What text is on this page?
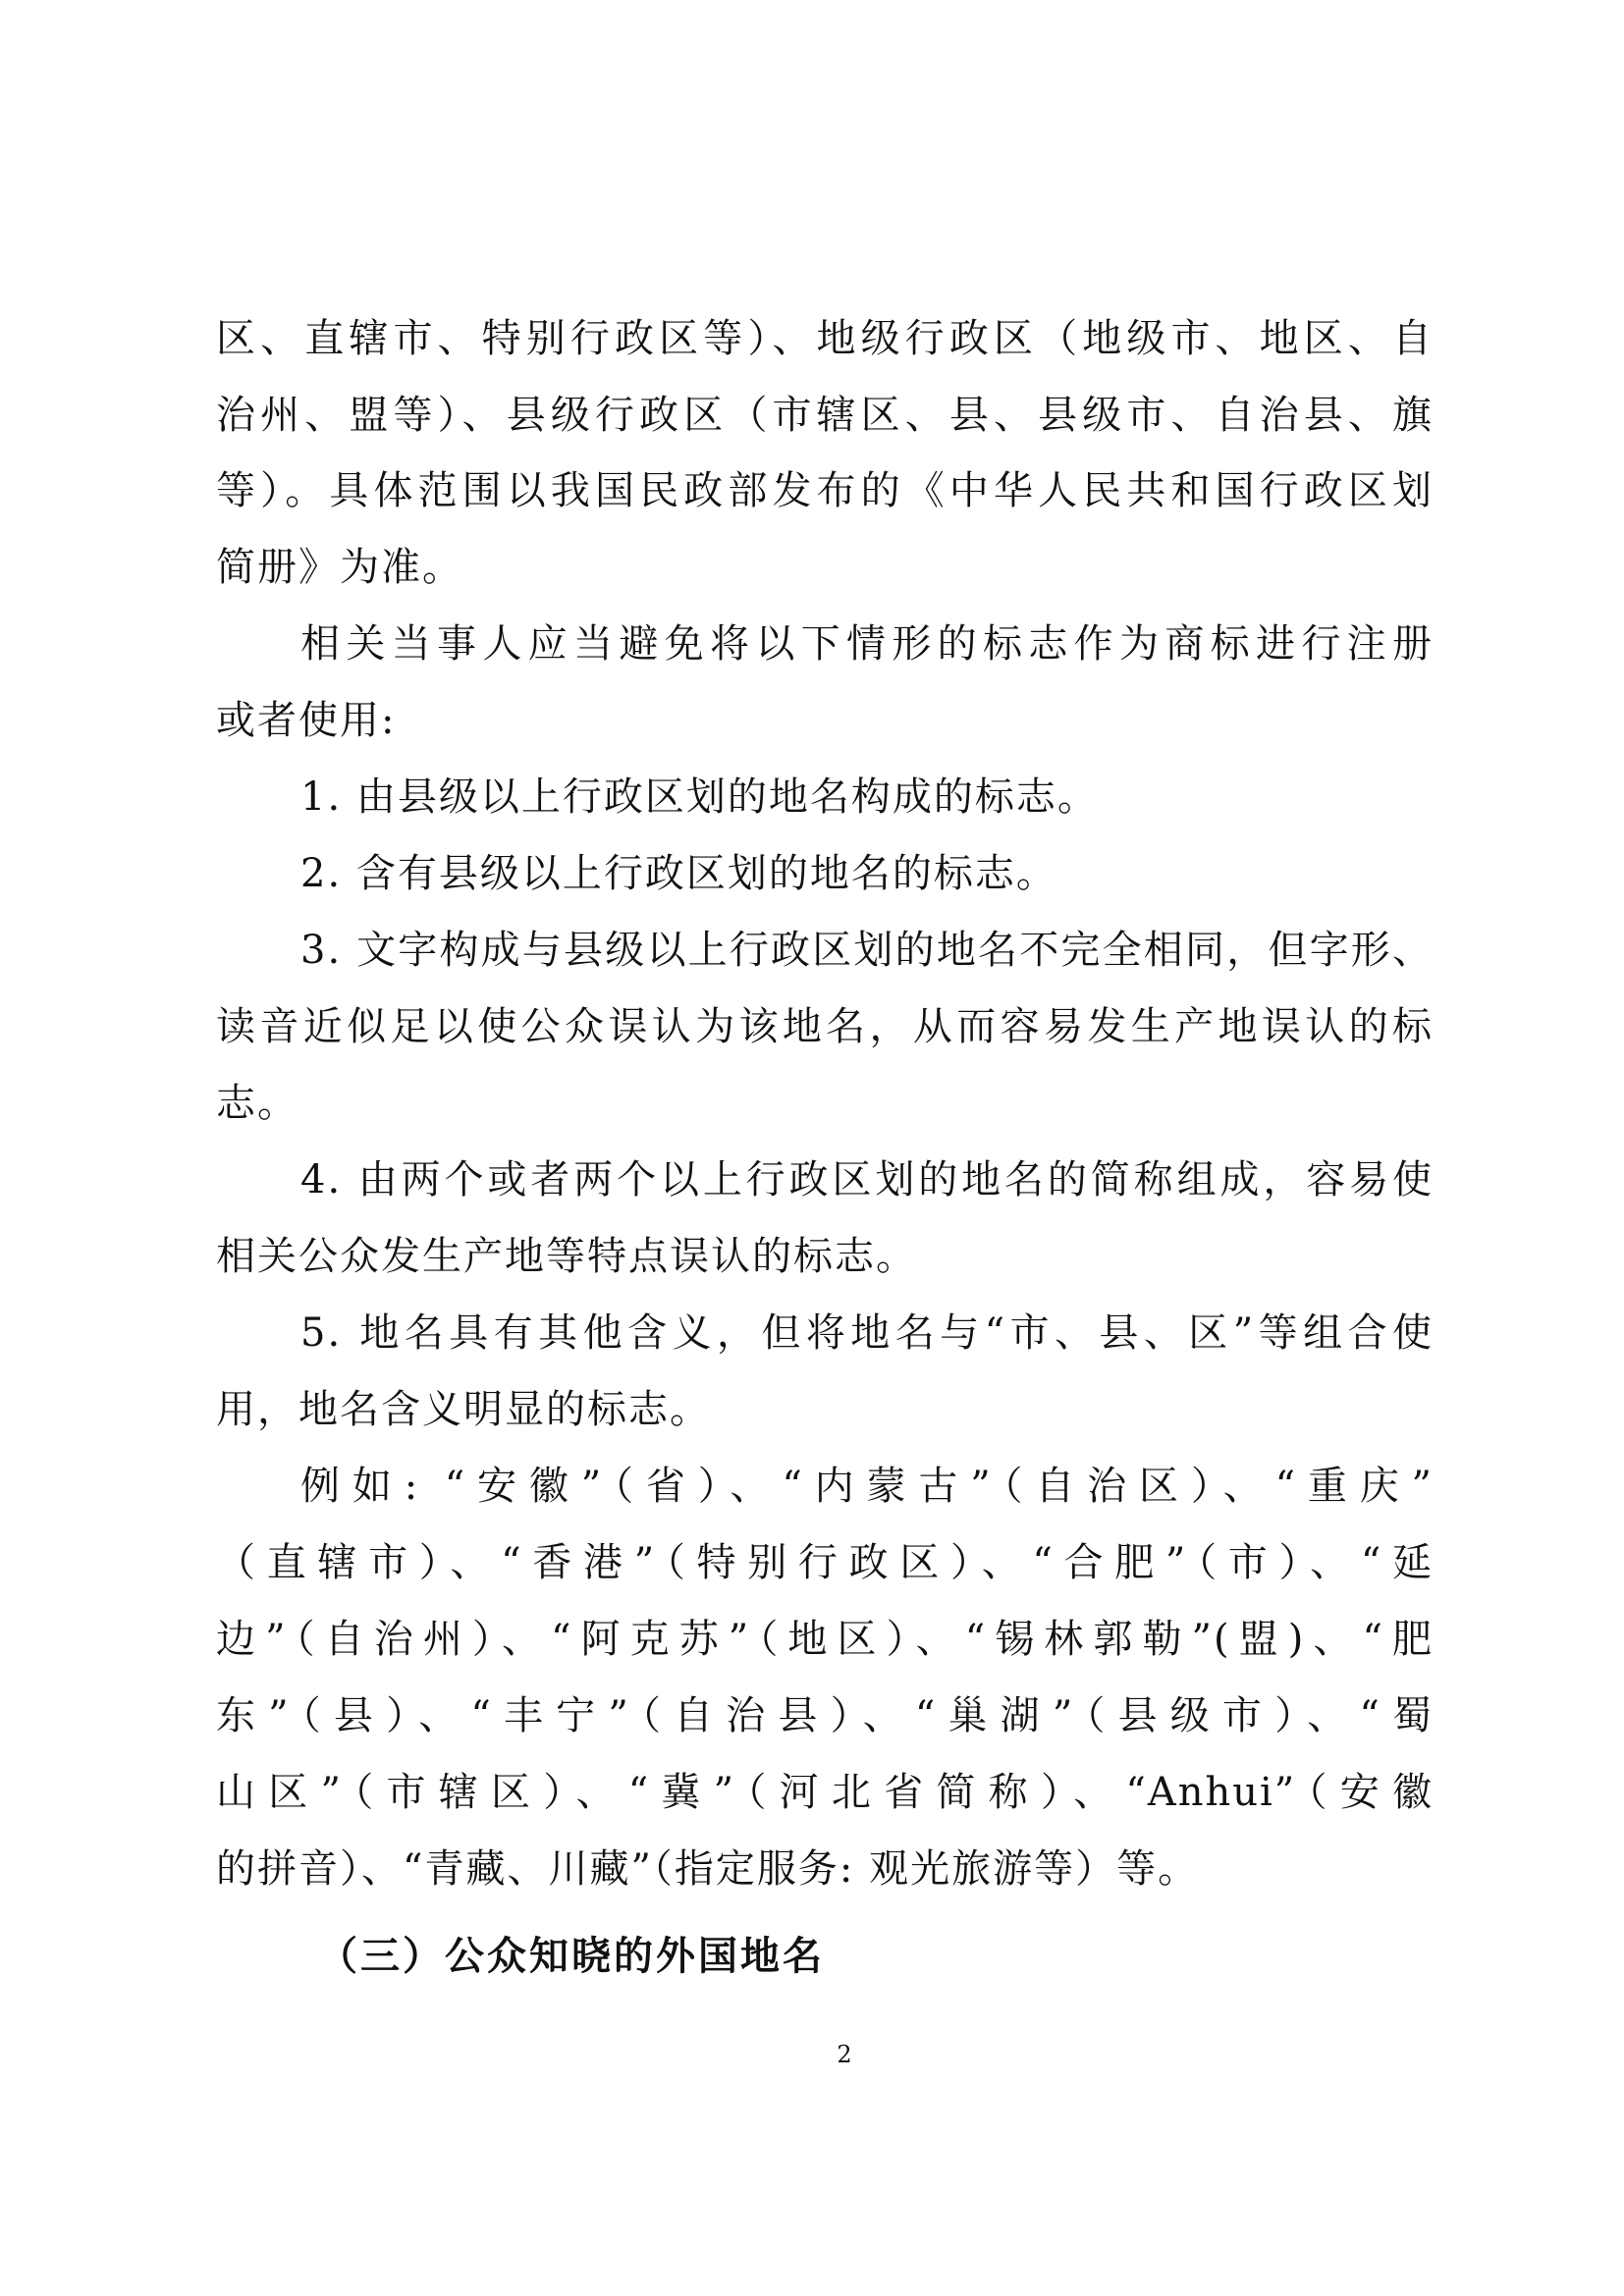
区、直辖市、特别行政区等）、地级行政区（地级市、地区、自
治州、盟等）、县级行政区（市辖区、县、县级市、自治县、旗
等）。具体范围以我国民政部发布的《中华人民共和国行政区划
简册》为准。
相关当事人应当避免将以下情形的标志作为商标进行注册
或者使用:
1. 由县级以上行政区划的地名构成的标志。
2. 含有县级以上行政区划的地名的标志。
3. 文字构成与县级以上行政区划的地名不完全相同，但字形、
读音近似足以使公众误认为该地名，从而容易发生产地误认的标
志。
4. 由两个或者两个以上行政区划的地名的简称组成，容易使
相关公众发生产地等特点误认的标志。
5. 地名具有其他含义，但将地名与“市、县、区”等组合使
用，地名含义明显的标志。
例如: “安徽”（省）、“内蒙古”（自治区）、“重庆”
（直辖市）、“香港”（特别行政区）、“合肥”（市）、“延
边”（自治州）、“阿克苏”（地区）、“锡林郭勒”(盟)、“肥
东”（县）、“丰宁”（自治县）、“巢湖”（县级市）、“蜀
山区”（市辖区）、“冀”（河北省简称）、“Anhui”（安徽
的拼音）、“青藏、川藏”（指定服务: 观光旅游等）等。
（三）公众知晓的外国地名
2
